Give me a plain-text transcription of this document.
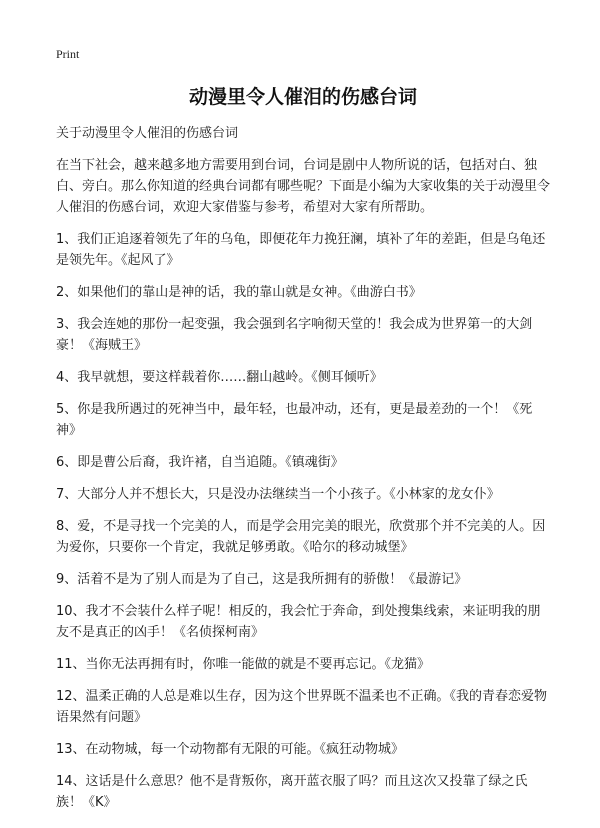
Print

动漫里令人催泪的伤感台词

关于动漫里令人催泪的伤感台词

在当下社会，越来越多地方需要用到台词，台词是剧中人物所说的话，包括对白、独白、旁白。那么你知道的经典台词都有哪些呢？下面是小编为大家收集的关于动漫里令人催泪的伤感台词，欢迎大家借鉴与参考，希望对大家有所帮助。

1、我们正追逐着领先了年的乌龟，即便花年力挽狂澜，填补了年的差距，但是乌龟还是领先年。《起风了》
2、如果他们的靠山是神的话，我的靠山就是女神。《曲游白书》
3、我会连她的那份一起变强，我会强到名字响彻天堂的！我会成为世界第一的大剑豪！《海贼王》
4、我早就想，要这样载着你……翻山越岭。《侧耳倾听》
5、你是我所遇过的死神当中，最年轻，也最冲动，还有，更是最差劲的一个！《死神》
6、即是曹公后裔，我许褚，自当追随。《镇魂街》
7、大部分人并不想长大，只是没办法继续当一个小孩子。《小林家的龙女仆》
8、爱，不是寻找一个完美的人，而是学会用完美的眼光，欣赏那个并不完美的人。因为爱你，只要你一个肯定，我就足够勇敢。《哈尔的移动城堡》
9、活着不是为了别人而是为了自己，这是我所拥有的骄傲！《最游记》
10、我才不会装什么样子呢！相反的，我会忙于奔命，到处搜集线索，来证明我的朋友不是真正的凶手！《名侦探柯南》
11、当你无法再拥有时，你唯一能做的就是不要再忘记。《龙猫》
12、温柔正确的人总是难以生存，因为这个世界既不温柔也不正确。《我的青春恋爱物语果然有问题》
13、在动物城，每一个动物都有无限的可能。《疯狂动物城》
14、这话是什么意思？他不是背叛你，离开蓝衣服了吗？而且这次又投靠了绿之氏族！《K》
